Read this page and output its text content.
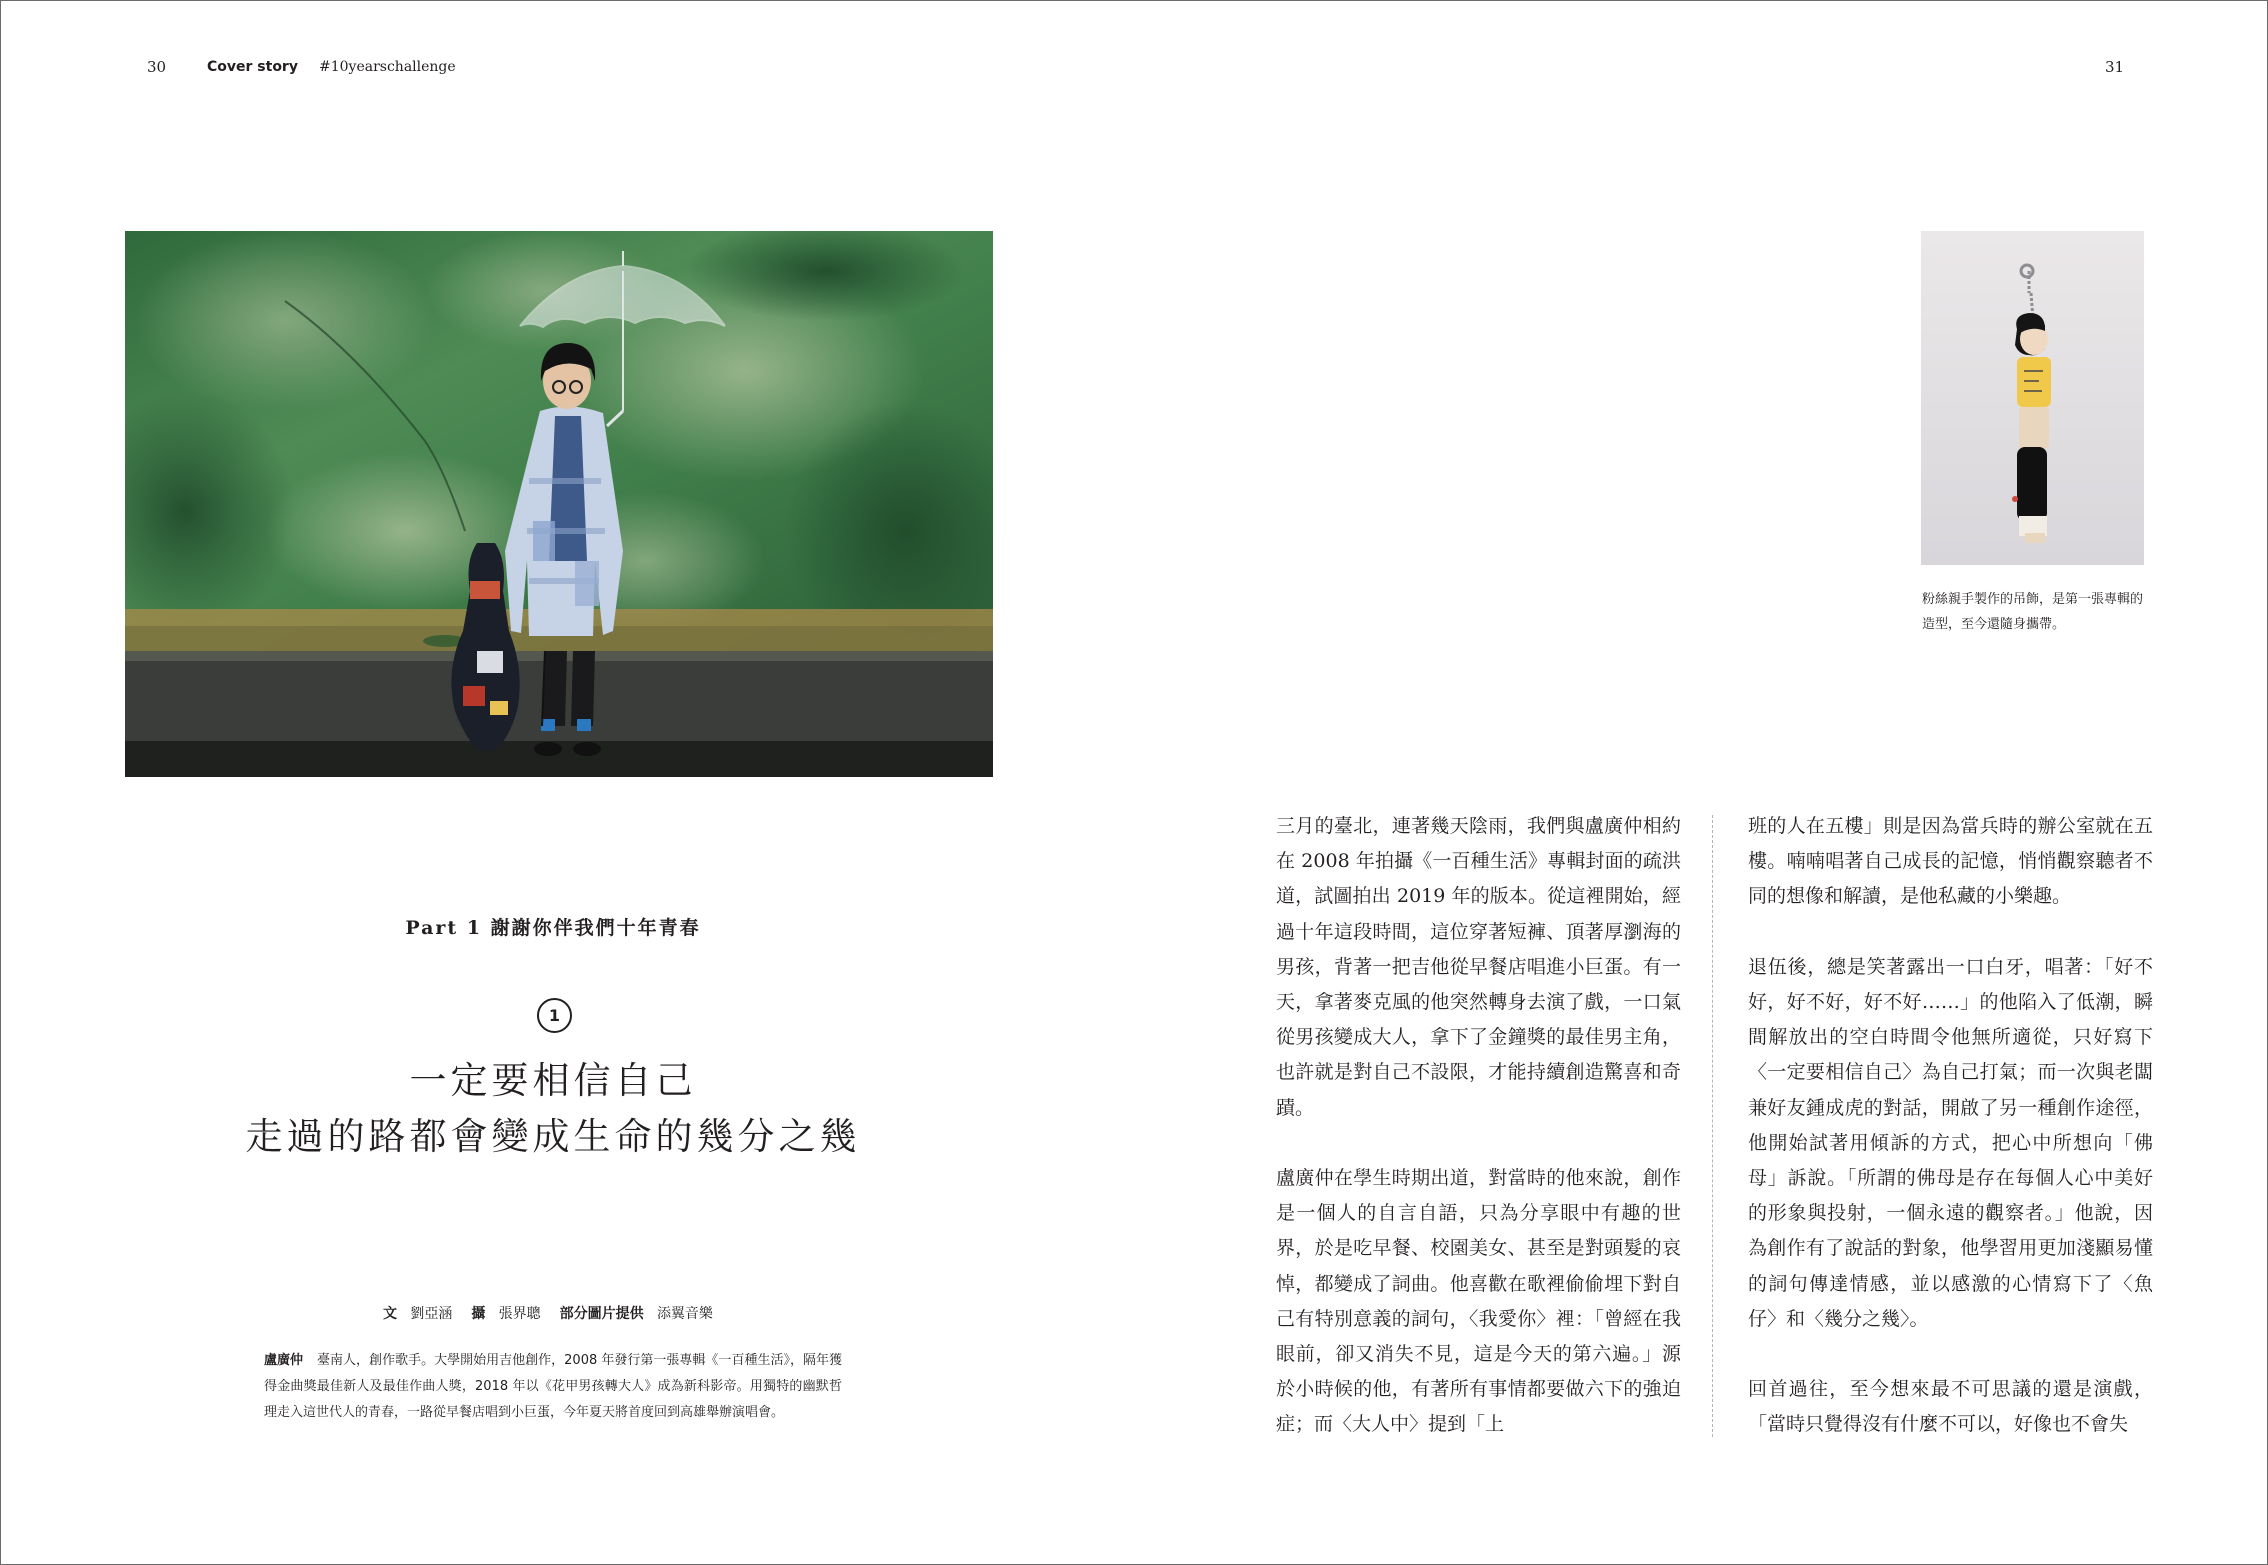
30	Cover story #10yearschallenge	31
粉絲親手製作的吊飾，是第一張專輯的造型，至今還隨身攜帶。
Part 1 謝謝你伴我們十年青春
1
一定要相信自己
走過的路都會變成生命的幾分之幾
文 劉亞涵 攝 張界聰 部分圖片提供 添翼音樂
盧廣仲 臺南人，創作歌手。大學開始用吉他創作，2008 年發行第一張專輯《一百種生活》，隔年獲得金曲獎最佳新人及最佳作曲人獎，2018 年以《花甲男孩轉大人》成為新科影帝。用獨特的幽默哲理走入這世代人的青春，一路從早餐店唱到小巨蛋，今年夏天將首度回到高雄舉辦演唱會。

三月的臺北，連著幾天陰雨，我們與盧廣仲相約在 2008 年拍攝《一百種生活》專輯封面的疏洪道，試圖拍出 2019 年的版本。從這裡開始，經過十年這段時間，這位穿著短褲、頂著厚瀏海的男孩，背著一把吉他從早餐店唱進小巨蛋。有一天，拿著麥克風的他突然轉身去演了戲，一口氣從男孩變成大人，拿下了金鐘獎的最佳男主角，也許就是對自己不設限，才能持續創造驚喜和奇蹟。

盧廣仲在學生時期出道，對當時的他來說，創作是一個人的自言自語，只為分享眼中有趣的世界，於是吃早餐、校園美女、甚至是對頭髮的哀悼，都變成了詞曲。他喜歡在歌裡偷偷埋下對自己有特別意義的詞句，〈我愛你〉裡：「曾經在我眼前，卻又消失不見，這是今天的第六遍。」源於小時候的他，有著所有事情都要做六下的強迫症；而〈大人中〉提到「上

班的人在五樓」則是因為當兵時的辦公室就在五樓。喃喃唱著自己成長的記憶，悄悄觀察聽者不同的想像和解讀，是他私藏的小樂趣。

退伍後，總是笑著露出一口白牙，唱著：「好不好，好不好，好不好……」的他陷入了低潮，瞬間解放出的空白時間令他無所適從，只好寫下〈一定要相信自己〉為自己打氣；而一次與老闆兼好友鍾成虎的對話，開啟了另一種創作途徑，他開始試著用傾訴的方式，把心中所想向「佛母」訴說。「所謂的佛母是存在每個人心中美好的形象與投射，一個永遠的觀察者。」他說，因為創作有了說話的對象，他學習用更加淺顯易懂的詞句傳達情感，並以感激的心情寫下了〈魚仔〉和〈幾分之幾〉。

回首過往，至今想來最不可思議的還是演戲，「當時只覺得沒有什麼不可以，好像也不會失
